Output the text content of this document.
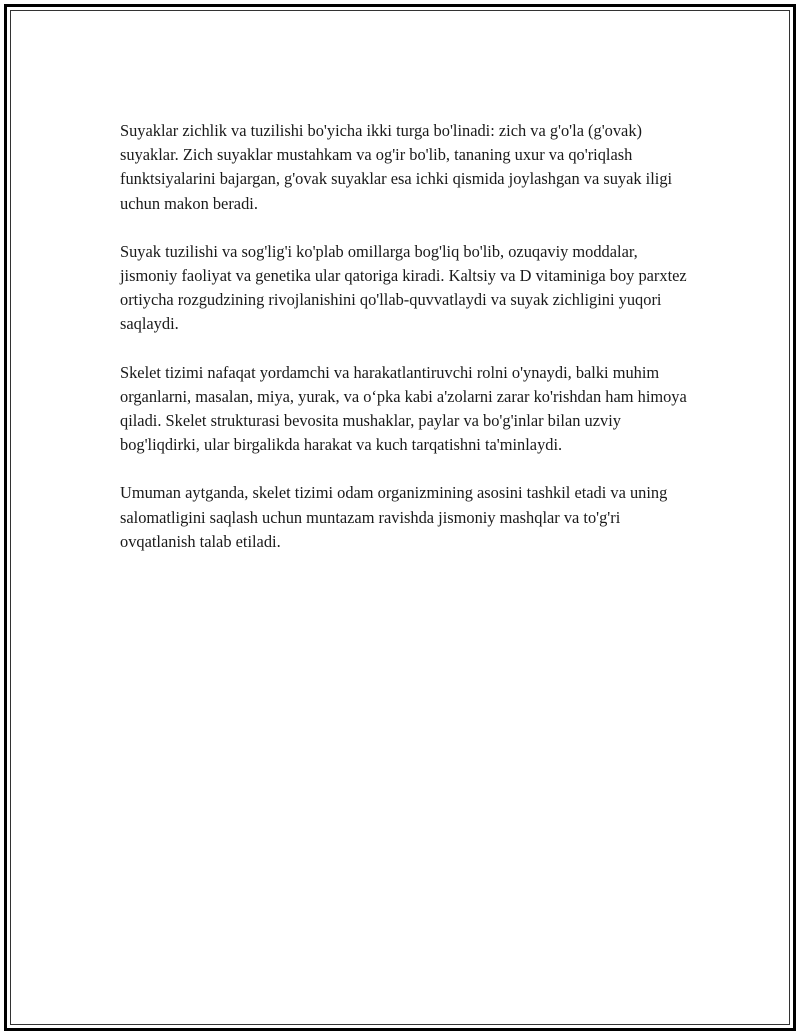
Suyaklar zichlik va tuzilishi bo'yicha ikki turga bo'linadi: zich va g'o'la (g'ovak) suyaklar. Zich suyaklar mustahkam va og'ir bo'lib, tananing uxur va qo'riqlash funktsiyalarini bajargan, g'ovak suyaklar esa ichki qismida joylashgan va suyak iligi uchun makon beradi.

Suyak tuzilishi va sog'lig'i ko'plab omillarga bog'liq bo'lib, ozuqaviy moddalar, jismoniy faoliyat va genetika ular qatoriga kiradi. Kaltsiy va D vitaminiga boy parxtez ortiycha rozgudzining rivojlanishini qo'llab-quvvatlaydi va suyak zichligini yuqori saqlaydi.

Skelet tizimi nafaqat yordamchi va harakatlantiruvchi rolni o'ynaydi, balki muhim organlarni, masalan, miya, yurak, va o‘pka kabi a'zolarni zarar ko'rishdan ham himoya qiladi. Skelet strukturasi bevosita mushaklar, paylar va bo'g'inlar bilan uzviy bog'liqdirki, ular birgalikda harakat va kuch tarqatishni ta'minlaydi.

Umuman aytganda, skelet tizimi odam organizmining asosini tashkil etadi va uning salomatligini saqlash uchun muntazam ravishda jismoniy mashqlar va to'g'ri ovqatlanish talab etiladi.
